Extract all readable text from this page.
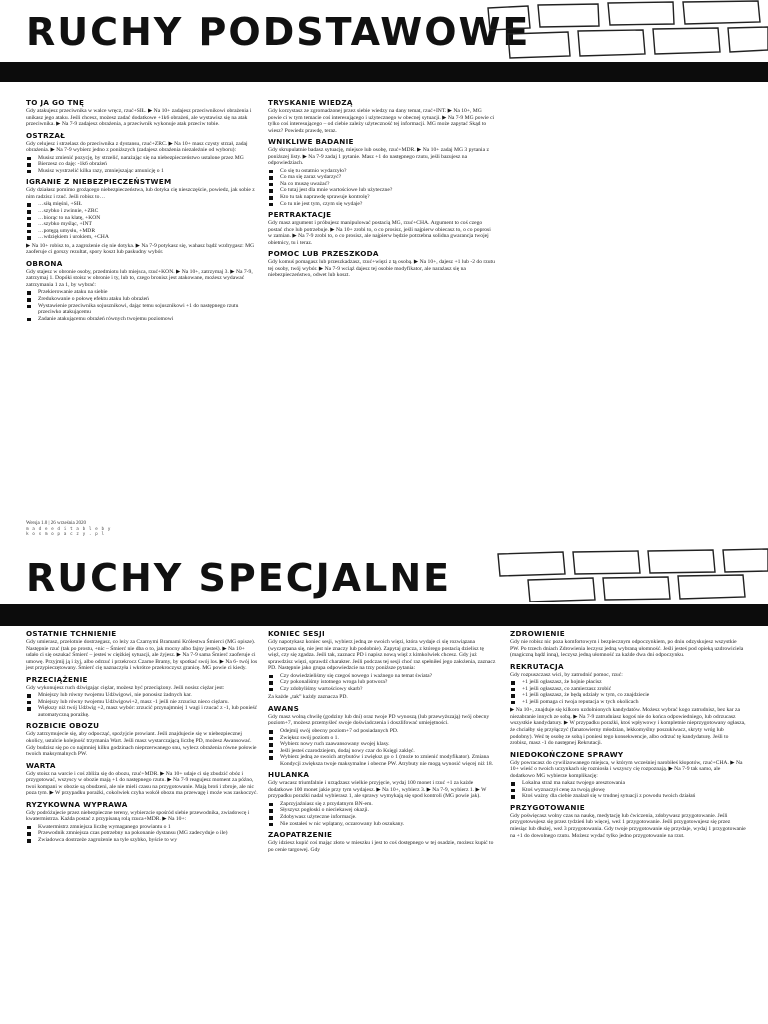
RUCHY PODSTAWOWE
TO JA GO TNĘ
Gdy atakujesz przeciwnika w walce wręcz, rzuć+SIŁ. ▶ Na 10+ zadajesz przeciwnikowi obrażenia i unikasz jego ataku. Jeśli chcesz, możesz zadać dodatkowe +1k6 obrażeń, ale wystawisz się na atak przeciwnika. ▶ Na 7-9 zadajesz obrażenia, a przeciwnik wykonuje atak przeciw tobie.
OSTRZAŁ
Gdy celujesz i strzelasz do przeciwnika z dystansu, rzuć+ZRC. ▶ Na 10+ masz czysty strzał, zadaj obrażenia. ▶ Na 7-9 wybierz jedno z poniższych (zadajesz obrażenia niezależnie od wyboru):
Musisz zmienić pozycję, by strzelić, narażając się na niebezpieczeństwo ustalone przez MG
Bierzesz co daję: -1k6 obrażeń
Musisz wystrzelić kilka razy, zmniejszając amunicję o 1
IGRANIE Z NIEBEZPIECZEŃSTWEM
Gdy działasz pomimo grożącego niebezpieczeństwa, lub dotyka cię nieszczęście, powiedz, jak sobie z nim radzisz i rzuć. Jeśli robisz to…
…siłą mięśni, +SIŁ
…szybko i zwinnie, +ZRC
…biorąc to na klatę, +KON
…szybko myśląc, +INT
…potęgą umysłu, +MDR
…wdziękiem i urokiem, +CHA
▶ Na 10+ robisz to, a zagrożenie cię nie dotyka. ▶ Na 7-9 potykasz się, wahasz bądź wzdrygasz: MG zaoferuje ci gorszy rezultat, spory koszt lub paskudny wybór.
OBRONA
Gdy stajesz w obronie osoby, przedmiotu lub miejsca, rzuć+KON. ▶ Na 10+, zatrzymaj 3. ▶ Na 7-9, zatrzymaj 1. Dopóki stoisz w obronie i ty, lub to, czego bronisz jest atakowane, możesz wydawać zatrzymania 1 za 1, by wybrać:
Przekierowanie ataku na siebie
Zredukowanie o połowę efektu ataku lub obrażeń
Wystawienie przeciwnika sojusznikowi, dając temu sojusznikowi +1 do następnego rzutu przeciwko atakującemu
Zadanie atakującemu obrażeń równych twojemu poziomowi
TRYSKANIE WIEDZĄ
Gdy korzystasz ze zgromadzonej przez siebie wiedzy na dany temat, rzuć+INT. ▶ Na 10+, MG powie ci w tym temacie coś interesującego i użytecznego w obecnej sytuacji. ▶ Na 7-9 MG powie ci tylko coś interesującego – od ciebie zależy użyteczność tej informacji. MG może zapytać Skąd to wiesz? Powiedz prawdę, teraz.
WNIKLIWE BADANIE
Gdy skrupulatnie badasz sytuację, miejsce lub osobę, rzuć+MDR. ▶ Na 10+ zadaj MG 3 pytania z poniższej listy. ▶ Na 7-9 zadaj 1 pytanie. Masz +1 do następnego rzutu, jeśli bazujesz na odpowiedziach.
Co się tu ostatnio wydarzyło?
Co ma się zaraz wydarzyć?
Na co muszę uważać?
Co tutaj jest dla mnie wartościowe lub użyteczne?
Kto tu tak naprawdę sprawuje kontrolę?
Co tu nie jest tym, czym się wydaje?
PERTRAKTACJE
Gdy masz argument i próbujesz manipulować postacią MG, rzuć+CHA. Argument to coś czego postać chce lub potrzebuje. ▶ Na 10+ zrobi to, o co prosisz, jeśli najpierw obiecasz to, o co poprosi w zamian. ▶ Na 7-9 zrobi to, o co prosisz, ale najpierw będzie potrzebna solidna gwarancja twojej obietnicy, tu i teraz.
POMOC LUB PRZESZKODA
Gdy komuś pomagasz lub przeszkadzasz, rzuć+więzi z tą osobą. ▶ Na 10+, dajesz +1 lub -2 do rzutu tej osoby, twój wybór. ▶ Na 7-9 wciąż dajesz tej osobie modyfikator, ale narażasz się na niebezpieczeństwo, odwet lub koszt.
Wersja 1.0 | 26 września 2020
m a d e e d i t a b l e b y
k o s m o p a c z y . p l
RUCHY SPECJALNE
OSTATNIE TCHNIENIE
Gdy umierasz, przelotnie dostrzegasz, co leży za Czarnymi Bramami Królestwa Śmierci (MG opisze). Następnie rzuć (tak po prostu, +nic – Śmierć nie dba o to, jak mocny albo fajny jesteś). ▶ Na 10+ udało ci się oszukać Śmierć – jesteś w ciężkiej sytuacji, ale żyjesz. ▶ Na 7-9 sama Śmierć zaoferuje ci umowę. Przyjmij ją i żyj, albo odrzuć i przekrocz Czarne Bramy, by spotkać swój los. ▶ Na 6- twój los jest przypieczętowany. Śmierć cię naznaczyła i wkrótce przekroczysz granicę. MG powie ci kiedy.
PRZECIĄŻENIE
Gdy wykonujesz ruch dźwigając ciężar, możesz być przeciążony. Jeśli nosisz ciężar jest:
Mniejszy lub równy twojemu Udźwigowi, nie ponosisz żadnych kar.
Mniejszy lub równy twojemu Udźwigowi+2, masz -1 jeśli nie zrzucisz nieco ciężaru.
Większy niż twój Udźwig +2, masz wybór: zrzucić przynajmniej 1 wagi i rzucać z -1, lub ponieść automatyczną porażkę.
ROZBICIE OBOZU
Gdy zatrzymujecie się, aby odpocząć, spożyjcie prowiant. Jeśli znajdujecie się w niebezpiecznej okolicy, ustalcie kolejność trzymania Wart. Jeśli masz wystarczającą liczbę PD, możesz Awansować. Gdy budzisz się po co najmniej kilku godzinach nieprzerwanego snu, wylecz obrażenia równe połowie twoich maksymalnych PW.
WARTA
Gdy stoisz na warcie i coś zbliża się do obozu, rzuć+MDR. ▶ Na 10+ udaje ci się zbudzić obóz i przygotować, wszyscy w obozie mają +1 do następnego rzutu. ▶ Na 7-9 reagujesz moment za późno, twoi kompani w obozie są obudzeni, ale nie mieli czasu na przygotowanie. Mają broń i zbroje, ale nic poza tym. ▶ W przypadku porażki, cokolwiek czyha wokół obozu ma przewagę i może was zaskoczyć.
RYZYKOWNA WYPRAWA
Gdy podróżujecie przez niebezpieczne tereny, wybierzcie spośród siebie przewodnika, zwiadowcę i kwatermistrza. Każda postać z przypisaną rolą rzuca+MDR. ▶ Na 10+:
Kwatermistrz zmniejsza liczbę wymaganego prowiantu o 1
Przewodnik zmniejsza czas potrzebny na pokonanie dystansu (MG zadecyduje o ile)
Zwiadowca dostrzeże zagrożenie na tyle szybko, byście to wy
KONIEC SESJI
Gdy napotykasz koniec sesji, wybierz jedną ze swoich więzi, która wydaje ci się rozwiązana (wyczerpana się, nie jest nie znaczy lub podobnie). Zapytaj gracza, z którego postacią dzielisz tę więź, czy się zgadza. Jeśli tak, zaznacz PD i napisz nową więź z kimkolwiek chcesz. Gdy już sprawdzisz więzi, sprawdź charakter. Jeśli podczas tej sesji choć raz spełniłeś jego założenia, zaznacz PD. Następnie jako grupa odpowiedzcie na trzy poniższe pytania:
Czy dowiedzieliśmy się czegoś nowego i ważnego na temat świata?
Czy pokonaliśmy istotnego wroga lub potwora?
Czy zdobyliśmy wartościowy skarb?
Za każde „tak” każdy zaznacza PD.
AWANS
Gdy masz wolną chwilę (godziny lub dni) oraz twoje PD wynoszą (lub przewyższają) twój obecny poziom+7, możesz przemyśleć swoje doświadczenia i doszlifować umiejętności.
Odejmij swój obecny poziom+7 od posiadanych PD.
Zwiększ swój poziom o 1.
Wybierz nowy ruch zaawansowany swojej klasy.
Jeśli jesteś czarodziejem, dodaj nowy czar do Księgi zaklęć.
Wybierz jedną ze swoich atrybutów i zwiększ go o 1 (może to zmienić modyfikator). Zmiana Kondycji zwiększa twoje maksymalne i obecne PW. Atrybuty nie mogą wynosić więcej niż 18.
HULANKA
Gdy wracasz triumfalnie i urządzasz wielkie przyjęcie, wydaj 100 monet i rzuć +1 za każde dodatkowe 100 monet jakie przy tym wydajesz. ▶ Na 10+, wybierz 3. ▶ Na 7-9, wybierz 1. ▶ W przypadku porażki nadal wybierasz 1, ale sprawy wymykają się spod kontroli (MG powie jak).
Zaprzyjaźniasz się z przydatnym BN-em.
Słyszysz pogłoski o nieciekawej okazji.
Zdobywasz użyteczne informacje.
Nie zostałeś w nic wplątany, oczarowany lub oszukany.
ZAOPATRZENIE
Gdy idziesz kupić coś mając złoto w mieszku i jest to coś dostępnego w tej osadzie, możesz kupić to po cenie targowej. Gdy
ZDROWIENIE
Gdy nie robisz nic poza komfortowym i bezpiecznym odpoczynkiem, po dniu odzyskujesz wszystkie PW. Po trzech dniach Zdrowienia leczysz jedną wybraną ułomność. Jeśli jesteś pod opieką uzdrowiciela (magiczną bądź inną), leczysz jedną ułomność za każde dwa dni odpoczynku.
REKRUTACJA
Gdy rozpuszczasz wici, by zatrudnić pomoc, rzuć:
+1 jeśli ogłaszasz, że hojnie płacisz
+1 jeśli ogłaszasz, co zamierzasz zrobić
+1 jeśli ogłaszasz, że będą udziały w tym, co znajdziecie
+1 jeśli pomaga ci twoja reputacja w tych okolicach
▶ Na 10+, znajduje się kilkoro uzdolnionych kandydatów. Możesz wybrać kogo zatrudnisz, bez kar za niezabranie innych ze sobą. ▶ Na 7-9 zatrudniasz kogoś nie do końca odpowiedniego, lub odrzucasz wszystkie kandydatury. ▶ W przypadku porażki, ktoś wpływowy i kompletnie nieprzygotowany ogłasza, że chciałby się przyłączyć (fanatowierny młodzian, lekkomyślny poszukiwacz, skryty wróg lub podobny). Weź tę osobę ze sobą i poniesi tego konsekwencje, albo odrzuć tę kandydaturę. Jeśli to zrobisz, masz -1 do następnej Rekrutacji.
NIEDOKOŃCZONE SPRAWY
Gdy powracasz do cywilizowanego miejsca, w którym wcześniej narobiłeś kłopotów, rzuć+CHA. ▶ Na 10+ wieść o twoich uczynkach się rozniosła i wszyscy cię rozpoznają. ▶ Na 7-9 tak samo, ale dodatkowo MG wybierze komplikację:
Lokalna straż ma nakaz twojego aresztowania
Ktoś wyznaczył cenę za twoją głowę
Ktoś ważny dla ciebie znalazł się w trudnej sytuacji z powodu twoich działań
PRZYGOTOWANIE
Gdy poświęcasz wolny czas na naukę, medytację lub ćwiczenia, zdobywasz przygotowanie. Jeśli przygotowujesz się przez tydzień lub więcej, weź 1 przygotowanie. Jeśli przygotowujesz się przez miesiąc lub dłużej, weź 3 przygotowania. Gdy twoje przygotowanie się przydaje, wydaj 1 przygotowanie na +1 do dowolnego rzutu. Możesz wydać tylko jedno przygotowanie na rzut.
